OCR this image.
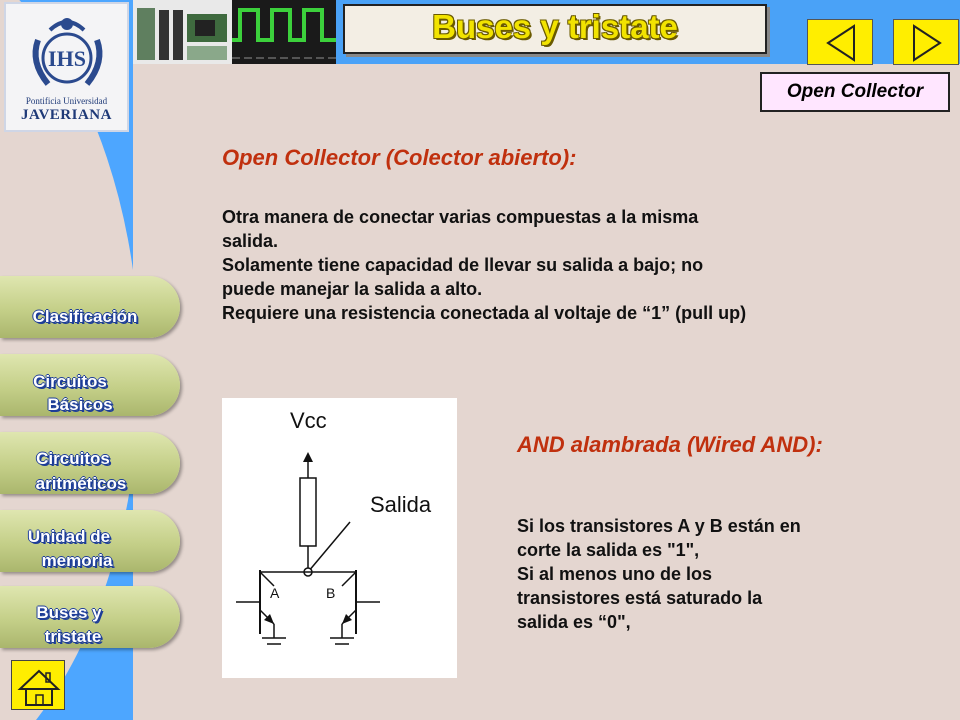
IHS
Pontificia Universidad
JAVERIANA
Buses y tristate
Open Collector
Open Collector (Colector abierto):
Otra manera de conectar varias compuestas a la misma
salida.
Solamente tiene capacidad de llevar su salida a bajo; no
puede manejar la salida a alto.
Requiere una resistencia conectada al voltaje de “1” (pull up)
Vcc
Salida
A	B
AND alambrada (Wired AND):
Si los transistores A y B están en
corte la salida es "1",
Si al menos uno de los
transistores está saturado la
salida es “0",
Clasificación
Circuitos
Básicos
Circuitos
aritméticos
Unidad de
memoria
Buses y
tristate
